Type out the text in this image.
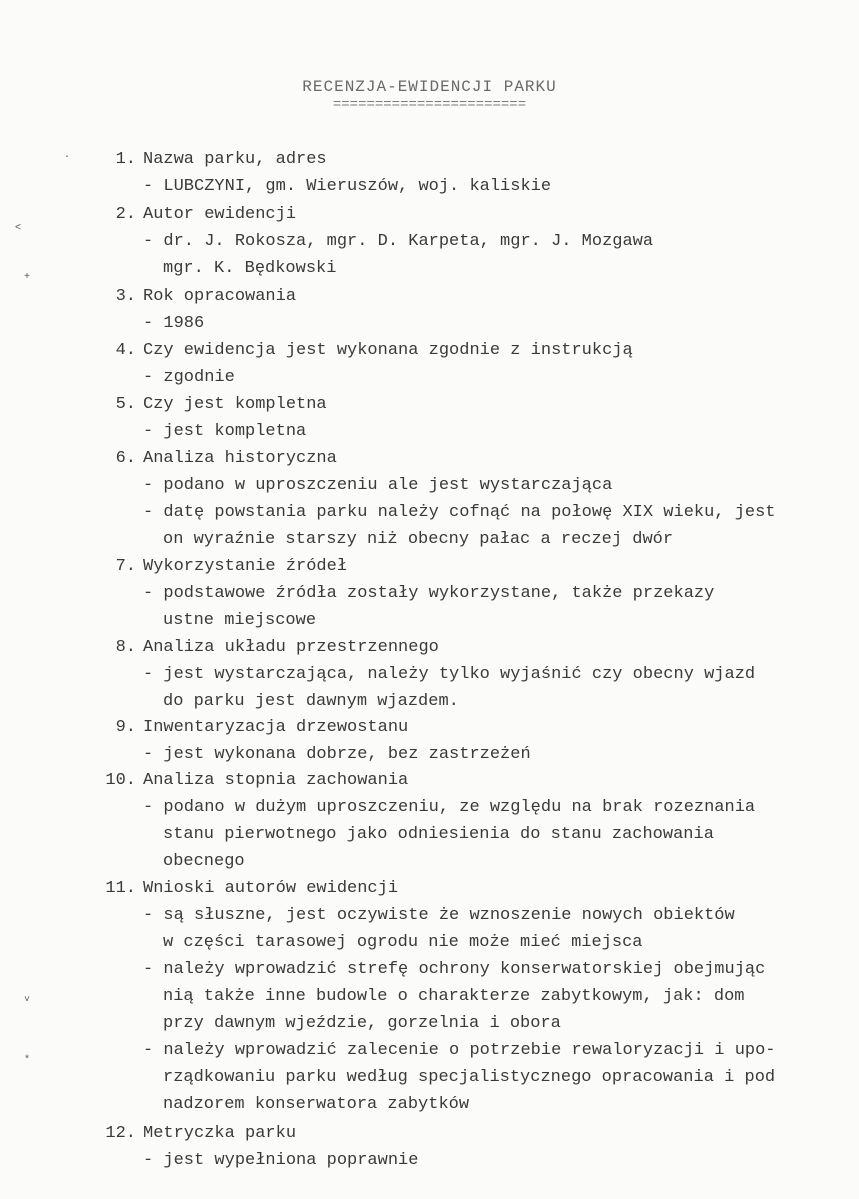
RECENZJA-EWIDENCJI PARKU
=======================
·
˂
+
˅
*
1. Nazwa parku, adres
- LUBCZYNI, gm. Wieruszów, woj. kaliskie
2. Autor ewidencji
- dr. J. Rokosza, mgr. D. Karpeta, mgr. J. Mozgawa
mgr. K. Będkowski
3. Rok opracowania
- 1986
4. Czy ewidencja jest wykonana zgodnie z instrukcją
- zgodnie
5. Czy jest kompletna
- jest kompletna
6. Analiza historyczna
- podano w uproszczeniu ale jest wystarczająca
- datę powstania parku należy cofnąć na połowę XIX wieku, jest
on wyraźnie starszy niż obecny pałac a reczej dwór
7. Wykorzystanie źródeł
- podstawowe źródła zostały wykorzystane, także przekazy
ustne miejscowe
8. Analiza układu przestrzennego
- jest wystarczająca, należy tylko wyjaśnić czy obecny wjazd
do parku jest dawnym wjazdem.
9. Inwentaryzacja drzewostanu
- jest wykonana dobrze, bez zastrzeżeń
10. Analiza stopnia zachowania
- podano w dużym uproszczeniu, ze względu na brak rozeznania
stanu pierwotnego jako odniesienia do stanu zachowania
obecnego
11. Wnioski autorów ewidencji
- są słuszne, jest oczywiste że wznoszenie nowych obiektów
w części tarasowej ogrodu nie może mieć miejsca
- należy wprowadzić strefę ochrony konserwatorskiej obejmując
nią także inne budowle o charakterze zabytkowym, jak: dom
przy dawnym wjeździe, gorzelnia i obora
- należy wprowadzić zalecenie o potrzebie rewaloryzacji i upo-
rządkowaniu parku według specjalistycznego opracowania i pod
nadzorem konserwatora zabytków
12. Metryczka parku
- jest wypełniona poprawnie
